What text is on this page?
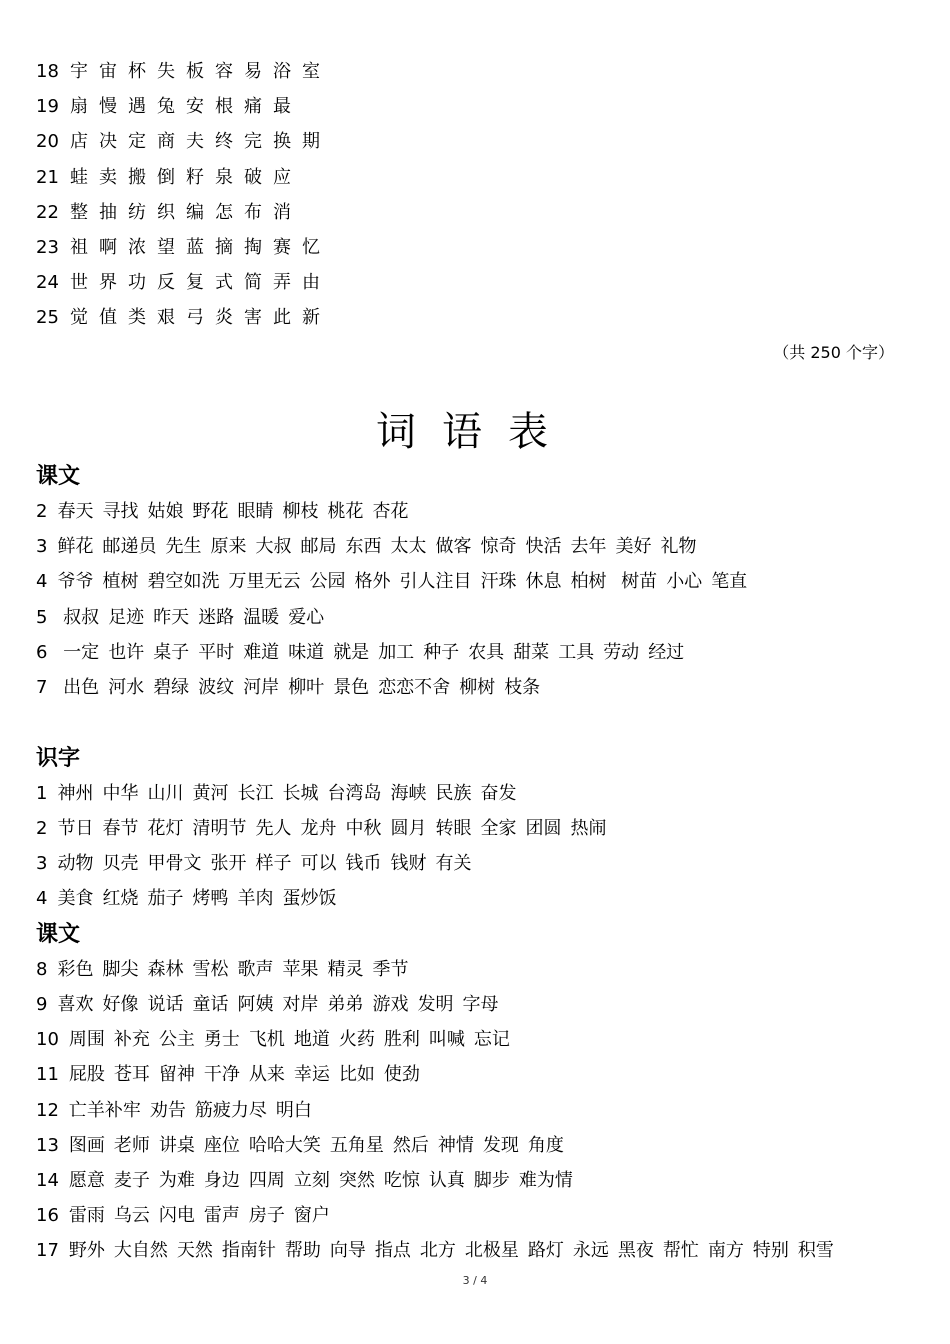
18 宇宙杯失板容易浴室
19 扇慢遇兔安根痛最
20 店决定商夫终完换期
21 蛙卖搬倒籽泉破应
22 整抽纺织编怎布消
23 祖啊浓望蓝摘掏赛忆
24 世界功反复式简弄由
25 觉值类艰弓炎害此新
（共 250 个字）
词语表
课文
2 春天 寻找 姑娘 野花 眼睛 柳枝 桃花 杏花
3 鲜花 邮递员 先生 原来 大叔 邮局 东西 太太 做客 惊奇 快活 去年 美好 礼物
4 爷爷 植树 碧空如洗 万里无云 公园 格外 引人注目 汗珠 休息 柏树 树苗 小心 笔直
5 叔叔 足迹 昨天 迷路 温暖 爱心
6 一定 也许 桌子 平时 难道 味道 就是 加工 种子 农具 甜菜 工具 劳动 经过
7 出色 河水 碧绿 波纹 河岸 柳叶 景色 恋恋不舍 柳树 枝条
识字
1 神州 中华 山川 黄河 长江 长城 台湾岛 海峡 民族 奋发
2 节日 春节 花灯 清明节 先人 龙舟 中秋 圆月 转眼 全家 团圆 热闹
3 动物 贝壳 甲骨文 张开 样子 可以 钱币 钱财 有关
4 美食 红烧 茄子 烤鸭 羊肉 蛋炒饭
课文
8 彩色 脚尖 森林 雪松 歌声 苹果 精灵 季节
9 喜欢 好像 说话 童话 阿姨 对岸 弟弟 游戏 发明 字母
10 周围 补充 公主 勇士 飞机 地道 火药 胜利 叫喊 忘记
11 屁股 苍耳 留神 干净 从来 幸运 比如 使劲
12 亡羊补牢 劝告 筋疲力尽 明白
13 图画 老师 讲桌 座位 哈哈大笑 五角星 然后 神情 发现 角度
14 愿意 麦子 为难 身边 四周 立刻 突然 吃惊 认真 脚步 难为情
16 雷雨 乌云 闪电 雷声 房子 窗户
17 野外 大自然 天然 指南针 帮助 向导 指点 北方 北极星 路灯 永远 黑夜 帮忙 南方 特别 积雪
3 / 4
